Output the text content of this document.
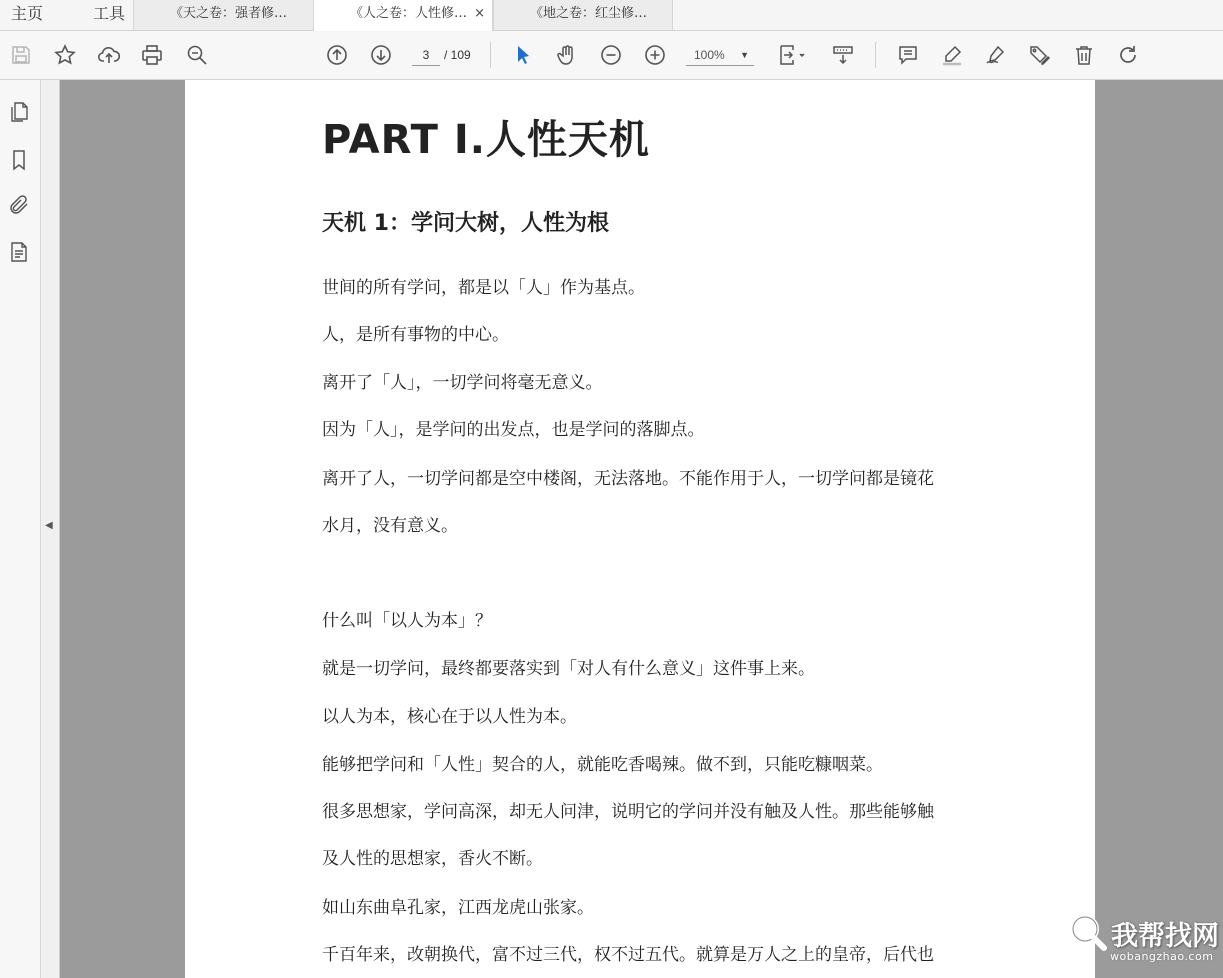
主页	工具	《天之卷：强者修…	《人之卷：人性修… ×	《地之卷：红尘修…
3	/ 109	100% ▼
◀
PART Ⅰ.人性天机
天机 1：学问大树，人性为根

世间的所有学问，都是以「人」作为基点。

人，是所有事物的中心。

离开了「人」，一切学问将毫无意义。

因为「人」，是学问的出发点，也是学问的落脚点。

离开了人，一切学问都是空中楼阁，无法落地。不能作用于人，一切学问都是镜花

水月，没有意义。

什么叫「以人为本」？

就是一切学问，最终都要落实到「对人有什么意义」这件事上来。

以人为本，核心在于以人性为本。

能够把学问和「人性」契合的人，就能吃香喝辣。做不到，只能吃糠咽菜。

很多思想家，学问高深，却无人问津，说明它的学问并没有触及人性。那些能够触

及人性的思想家，香火不断。

如山东曲阜孔家，江西龙虎山张家。

千百年来，改朝换代，富不过三代，权不过五代。就算是万人之上的皇帝，后代也

我帮找网
wobangzhao.com
